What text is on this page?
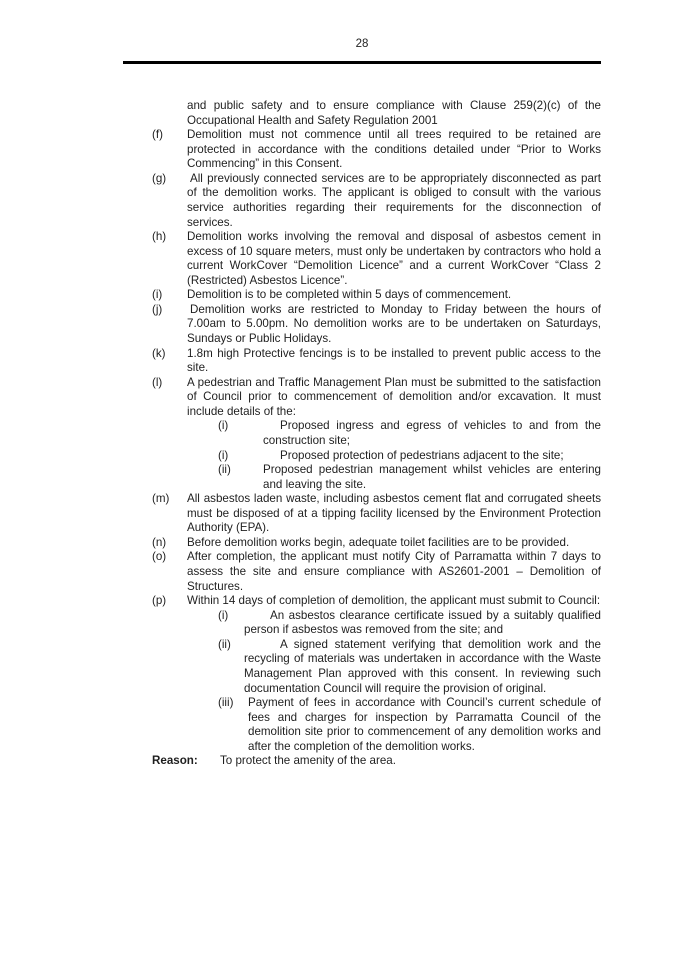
28
and public safety and to ensure compliance with Clause 259(2)(c) of the Occupational Health and Safety Regulation 2001
(f) Demolition must not commence until all trees required to be retained are protected in accordance with the conditions detailed under “Prior to Works Commencing” in this Consent.
(g) All previously connected services are to be appropriately disconnected as part of the demolition works. The applicant is obliged to consult with the various service authorities regarding their requirements for the disconnection of services.
(h) Demolition works involving the removal and disposal of asbestos cement in excess of 10 square meters, must only be undertaken by contractors who hold a current WorkCover “Demolition Licence” and a current WorkCover “Class 2 (Restricted) Asbestos Licence”.
(i) Demolition is to be completed within 5 days of commencement.
(j) Demolition works are restricted to Monday to Friday between the hours of 7.00am to 5.00pm. No demolition works are to be undertaken on Saturdays, Sundays or Public Holidays.
(k) 1.8m high Protective fencings is to be installed to prevent public access to the site.
(l) A pedestrian and Traffic Management Plan must be submitted to the satisfaction of Council prior to commencement of demolition and/or excavation. It must include details of the:
(i)	Proposed ingress and egress of vehicles to and from the construction site;
(i)	Proposed protection of pedestrians adjacent to the site;
(ii)	Proposed pedestrian management whilst vehicles are entering and leaving the site.
(m) All asbestos laden waste, including asbestos cement flat and corrugated sheets must be disposed of at a tipping facility licensed by the Environment Protection Authority (EPA).
(n) Before demolition works begin, adequate toilet facilities are to be provided.
(o) After completion, the applicant must notify City of Parramatta within 7 days to assess the site and ensure compliance with AS2601-2001 – Demolition of Structures.
(p) Within 14 days of completion of demolition, the applicant must submit to Council:
(i)	An asbestos clearance certificate issued by a suitably qualified person if asbestos was removed from the site; and
(ii)	A signed statement verifying that demolition work and the recycling of materials was undertaken in accordance with the Waste Management Plan approved with this consent. In reviewing such documentation Council will require the provision of original.
(iii) Payment of fees in accordance with Council’s current schedule of fees and charges for inspection by Parramatta Council of the demolition site prior to commencement of any demolition works and after the completion of the demolition works.
Reason: To protect the amenity of the area.
